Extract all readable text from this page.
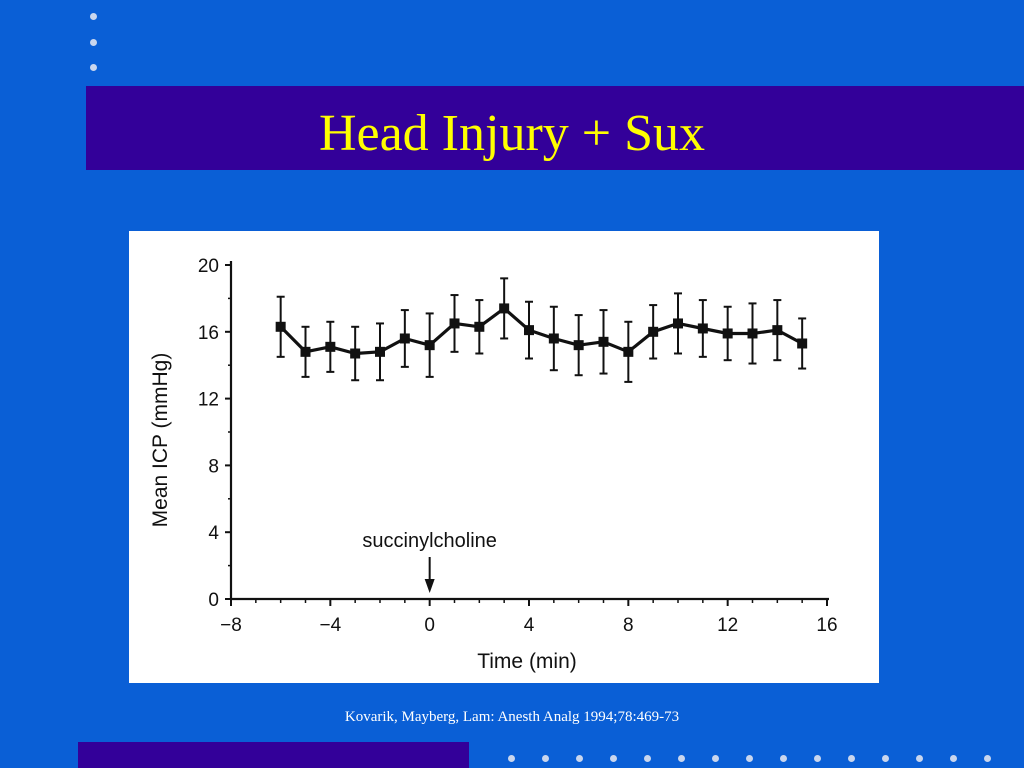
Head Injury + Sux
0
4
8
12
16
20
−8	−4	0	4	8	12	16
succinylcholine
Time (min)
Mean ICP (mmHg)
Kovarik, Mayberg, Lam: Anesth Analg 1994;78:469-73
